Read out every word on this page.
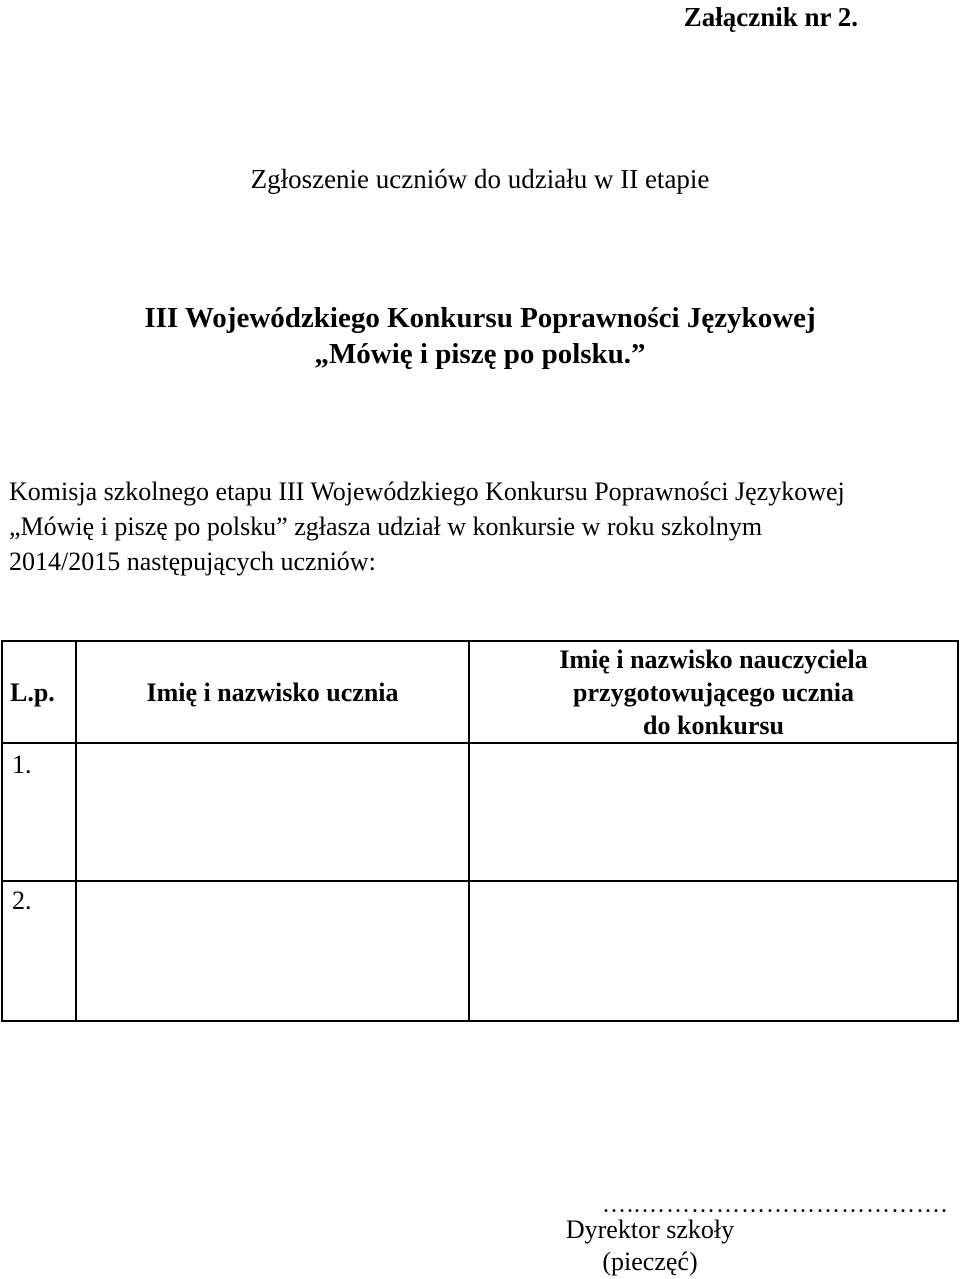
Załącznik nr 2.
Zgłoszenie uczniów do udziału w II etapie
III Wojewódzkiego Konkursu Poprawności Językowej
„Mówię i piszę po polsku.”
Komisja szkolnego etapu III Wojewódzkiego Konkursu Poprawności Językowej
„Mówię i piszę po polsku” zgłasza udział w konkursie w roku szkolnym
2014/2015 następujących uczniów:
L.p.	Imię i nazwisko ucznia	Imię i nazwisko nauczyciela
przygotowującego ucznia
do konkursu

1.		
2.		
…..……………………………….
Dyrektor szkoły
(pieczęć)
